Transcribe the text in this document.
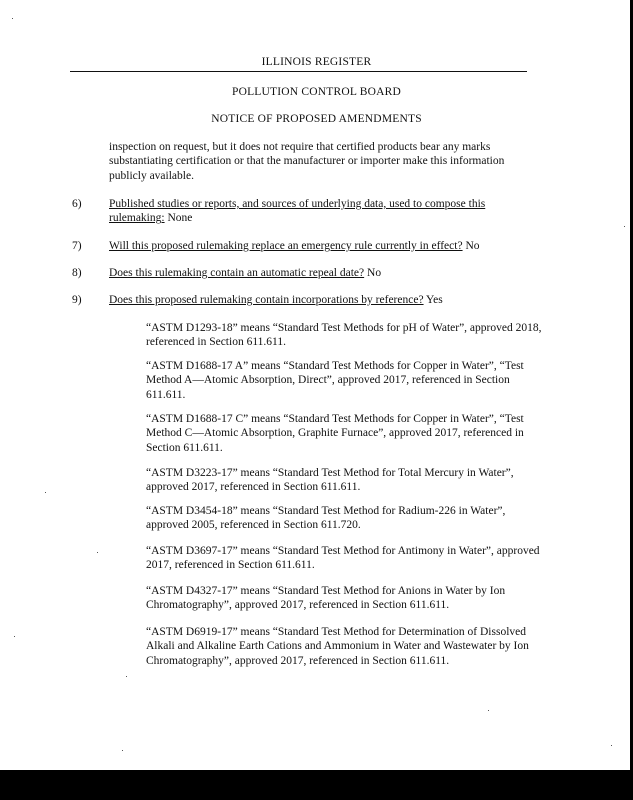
ILLINOIS REGISTER
POLLUTION CONTROL BOARD
NOTICE OF PROPOSED AMENDMENTS
inspection on request, but it does not require that certified products bear any marks substantiating certification or that the manufacturer or importer make this information publicly available.
6) Published studies or reports, and sources of underlying data, used to compose this rulemaking: None
7) Will this proposed rulemaking replace an emergency rule currently in effect? No
8) Does this rulemaking contain an automatic repeal date? No
9) Does this proposed rulemaking contain incorporations by reference? Yes
“ASTM D1293-18” means “Standard Test Methods for pH of Water”, approved 2018, referenced in Section 611.611.
“ASTM D1688-17 A” means “Standard Test Methods for Copper in Water”, “Test Method A—Atomic Absorption, Direct”, approved 2017, referenced in Section 611.611.
“ASTM D1688-17 C” means “Standard Test Methods for Copper in Water”, “Test Method C—Atomic Absorption, Graphite Furnace”, approved 2017, referenced in Section 611.611.
“ASTM D3223-17” means “Standard Test Method for Total Mercury in Water”, approved 2017, referenced in Section 611.611.
“ASTM D3454-18” means “Standard Test Method for Radium-226 in Water”, approved 2005, referenced in Section 611.720.
“ASTM D3697-17” means “Standard Test Method for Antimony in Water”, approved 2017, referenced in Section 611.611.
“ASTM D4327-17” means “Standard Test Method for Anions in Water by Ion Chromatography”, approved 2017, referenced in Section 611.611.
“ASTM D6919-17” means “Standard Test Method for Determination of Dissolved Alkali and Alkaline Earth Cations and Ammonium in Water and Wastewater by Ion Chromatography”, approved 2017, referenced in Section 611.611.
